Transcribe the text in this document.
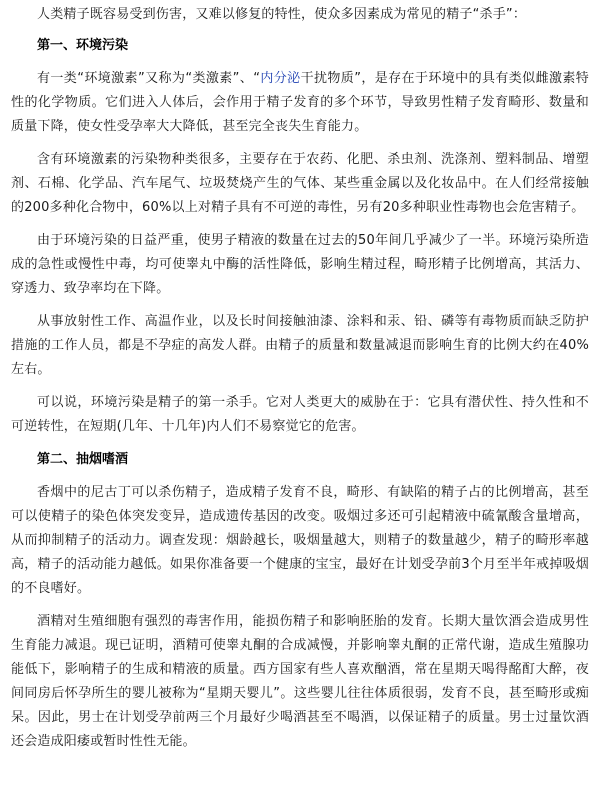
人类精子既容易受到伤害，又难以修复的特性，使众多因素成为常见的精子“杀手”：

第一、环境污染

有一类“环境激素”又称为“类激素”、“内分泌干扰物质”，是存在于环境中的具有类似雌激素特性的化学物质。它们进入人体后，会作用于精子发育的多个环节，导致男性精子发育畸形、数量和质量下降，使女性受孕率大大降低，甚至完全丧失生育能力。

含有环境激素的污染物种类很多，主要存在于农药、化肥、杀虫剂、洗涤剂、塑料制品、增塑剂、石棉、化学品、汽车尾气、垃圾焚烧产生的气体、某些重金属以及化妆品中。在人们经常接触的200多种化合物中，60%以上对精子具有不可逆的毒性，另有20多种职业性毒物也会危害精子。

由于环境污染的日益严重，使男子精液的数量在过去的50年间几乎减少了一半。环境污染所造成的急性或慢性中毒，均可使睾丸中酶的活性降低，影响生精过程，畸形精子比例增高，其活力、穿透力、致孕率均在下降。

从事放射性工作、高温作业，以及长时间接触油漆、涂料和汞、铅、磷等有毒物质而缺乏防护措施的工作人员，都是不孕症的高发人群。由精子的质量和数量减退而影响生育的比例大约在40%左右。

可以说，环境污染是精子的第一杀手。它对人类更大的威胁在于：它具有潜伏性、持久性和不可逆转性，在短期(几年、十几年)内人们不易察觉它的危害。

第二、抽烟嗜酒

香烟中的尼古丁可以杀伤精子，造成精子发育不良，畸形、有缺陷的精子占的比例增高，甚至可以使精子的染色体突发变异，造成遗传基因的改变。吸烟过多还可引起精液中硫氰酸含量增高，从而抑制精子的活动力。调查发现：烟龄越长，吸烟量越大，则精子的数量越少，精子的畸形率越高，精子的活动能力越低。如果你准备要一个健康的宝宝，最好在计划受孕前3个月至半年戒掉吸烟的不良嗜好。

酒精对生殖细胞有强烈的毒害作用，能损伤精子和影响胚胎的发育。长期大量饮酒会造成男性生育能力减退。现已证明，酒精可使睾丸酮的合成减慢，并影响睾丸酮的正常代谢，造成生殖腺功能低下，影响精子的生成和精液的质量。西方国家有些人喜欢酗酒，常在星期天喝得酩酊大醉，夜间同房后怀孕所生的婴儿被称为“星期天婴儿”。这些婴儿往往体质很弱，发育不良，甚至畸形或痴呆。因此，男士在计划受孕前两三个月最好少喝酒甚至不喝酒，以保证精子的质量。男士过量饮酒还会造成阳痿或暂时性性无能。
